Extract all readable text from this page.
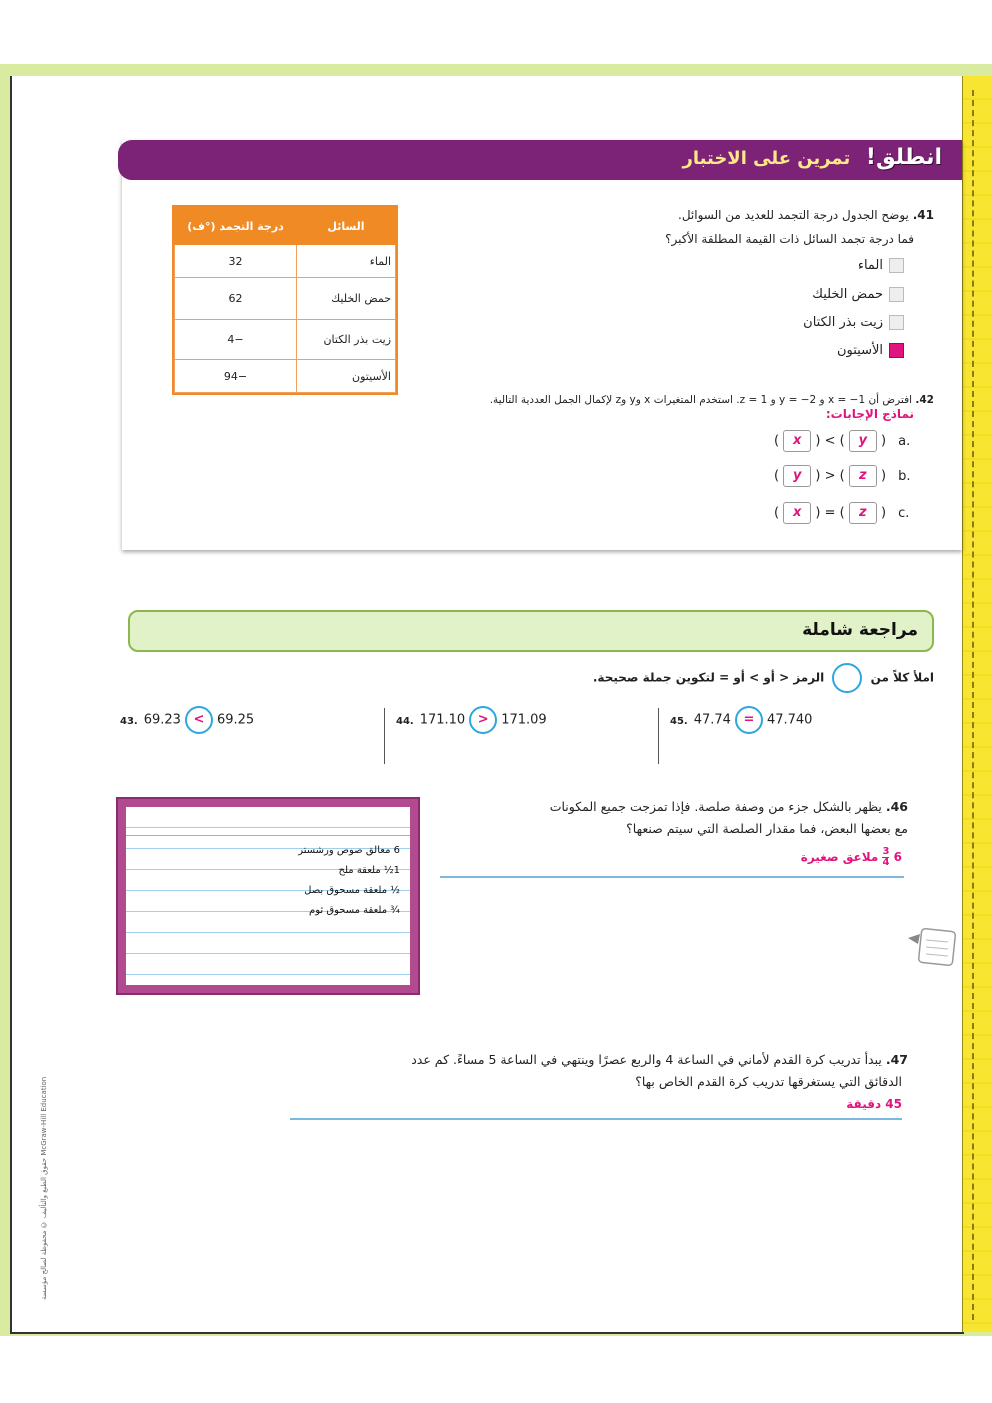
انطلق! تمرين على الاختبار
41. يوضح الجدول درجة التجمد للعديد من السوائل.
فما درجة تجمد السائل ذات القيمة المطلقة الأكبر؟
السائل	درجة التجمد (°ف)
الماء	32
حمض الخليك	62
زيت بذر الكتان	−4
الأسيتون	−94
الماء
حمض الخليك
زيت بذر الكتان
الأسيتون
42. افترض أن x = −1 و y = −2 و z = 1. استخدم المتغيرات x وy وz لإكمال الجمل العددية التالية.
نماذج الإجابات:
( x ) < ( y ) a.
( y ) > ( z ) b.
( x ) = ( z ) c.
مراجعة شاملة
املأ كلاً من  الرمز < أو > أو = لتكوين جملة صحيحة.
43. 69.23 < 69.25	44. 171.10 > 171.09	45. 47.74 = 47.740
46. يظهر بالشكل جزء من وصفة صلصة. فإذا تمزجت جميع المكونات
مع بعضها البعض، فما مقدار الصلصة التي سيتم صنعها؟
6
$\frac{3}{4}$
ملاعق صغيرة
6 معالق صوص ورشستر
1½ ملعقة ملح
½ ملعقة مسحوق بصل
¾ ملعقة مسحوق ثوم
47. يبدأ تدريب كرة القدم لأماني في الساعة 4 والربع عصرًا وينتهي في الساعة 5 مساءً. كم عدد
الدقائق التي يستغرقها تدريب كرة القدم الخاص بها؟
45 دقيقة
حقوق الطبع والتأليف © محفوظة لصالح مؤسسة McGraw-Hill Education
